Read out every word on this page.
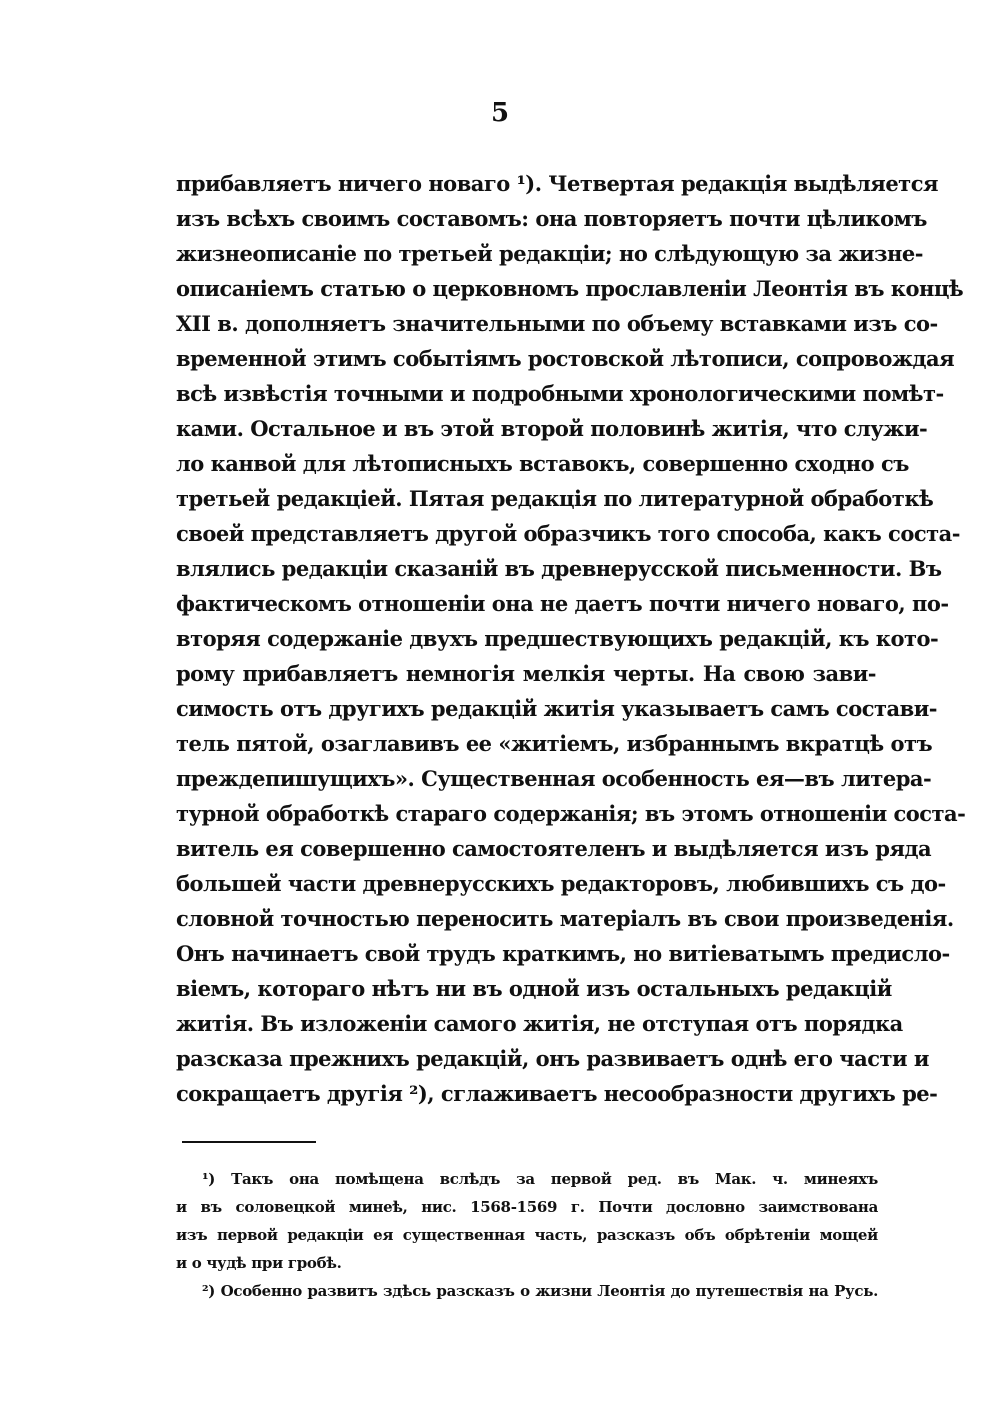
5
прибавляетъ ничего новаго ¹). Четвертая редакція выдѣляется
изъ всѣхъ своимъ составомъ: она повторяетъ почти цѣликомъ
жизнеописаніе по третьей редакціи; но слѣдующую за жизне-
описаніемъ статью о церковномъ прославленіи Леонтія въ концѣ
XII в. дополняетъ значительными по объему вставками изъ со-
временной этимъ событіямъ ростовской лѣтописи, сопровождая
всѣ извѣстія точными и подробными хронологическими помѣт-
ками. Остальное и въ этой второй половинѣ житія, что служи-
ло канвой для лѣтописныхъ вставокъ, совершенно сходно съ
третьей редакціей. Пятая редакція по литературной обработкѣ
своей представляетъ другой образчикъ того способа, какъ соста-
влялись редакціи сказаній въ древнерусской письменности. Въ
фактическомъ отношеніи она не даетъ почти ничего новаго, по-
вторяя содержаніе двухъ предшествующихъ редакцій, къ кото-
рому прибавляетъ немногія мелкія черты. На свою зави-
симость отъ другихъ редакцій житія указываетъ самъ состави-
тель пятой, озаглавивъ ее «житіемъ, избраннымъ вкратцѣ отъ
преждепишущихъ». Существенная особенность ея—въ литера-
турной обработкѣ стараго содержанія; въ этомъ отношеніи соста-
витель ея совершенно самостоятеленъ и выдѣляется изъ ряда
большей части древнерусскихъ редакторовъ, любившихъ съ до-
словной точностью переносить матеріалъ въ свои произведенія.
Онъ начинаетъ свой трудъ краткимъ, но витіеватымъ предисло-
віемъ, котораго нѣтъ ни въ одной изъ остальныхъ редакцій
житія. Въ изложеніи самого житія, не отступая отъ порядка
разсказа прежнихъ редакцій, онъ развиваетъ однѣ его части и
сокращаетъ другія ²), сглаживаетъ несообразности другихъ ре-
¹) Такъ она помѣщена вслѣдъ за первой ред. въ Мак. ч. минеяхъ
и въ соловецкой минеѣ, нис. 1568-1569 г. Почти дословно заимствована
изъ первой редакціи ея существенная часть, разсказъ объ обрѣтеніи мощей
и о чудѣ при гробѣ.
²) Особенно развитъ здѣсь разсказъ о жизни Леонтія до путешествія на Русь.
